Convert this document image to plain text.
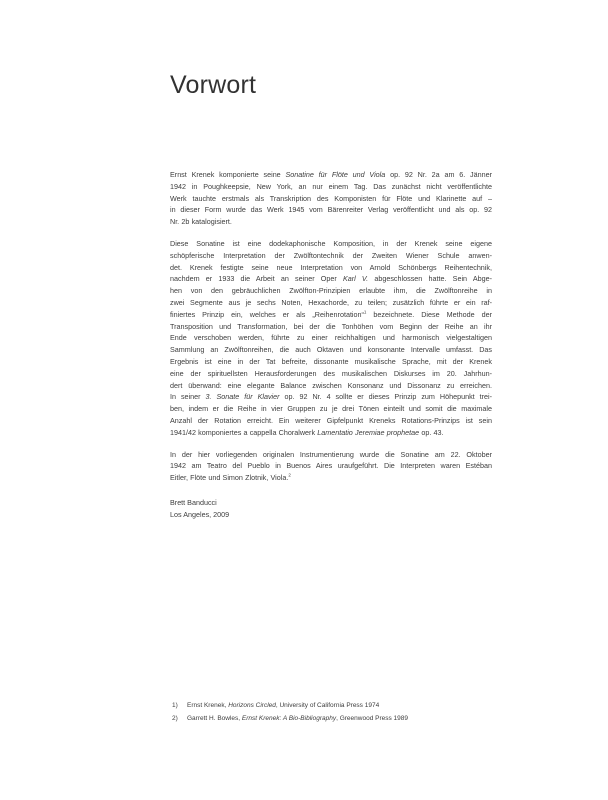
Vorwort

Ernst Krenek komponierte seine Sonatine für Flöte und Viola op. 92 Nr. 2a am 6. Jänner
1942 in Poughkeepsie, New York, an nur einem Tag. Das zunächst nicht veröffentlichte
Werk tauchte erstmals als Transkription des Komponisten für Flöte und Klarinette auf –
in dieser Form wurde das Werk 1945 vom Bärenreiter Verlag veröffentlicht und als op. 92
Nr. 2b katalogisiert.

Diese Sonatine ist eine dodekaphonische Komposition, in der Krenek seine eigene
schöpferische Interpretation der Zwölftontechnik der Zweiten Wiener Schule anwen-
det. Krenek festigte seine neue Interpretation von Arnold Schönbergs Reihentechnik,
nachdem er 1933 die Arbeit an seiner Oper Karl V. abgeschlossen hatte. Sein Abge-
hen von den gebräuchlichen Zwölfton-Prinzipien erlaubte ihm, die Zwölftonreihe in
zwei Segmente aus je sechs Noten, Hexachorde, zu teilen; zusätzlich führte er ein raf-
finiertes Prinzip ein, welches er als „Reihenrotation“$^1$ bezeichnete. Diese Methode der
Transposition und Transformation, bei der die Tonhöhen vom Beginn der Reihe an ihr
Ende verschoben werden, führte zu einer reichhaltigen und harmonisch vielgestaltigen
Sammlung an Zwölftonreihen, die auch Oktaven und konsonante Intervalle umfasst. Das
Ergebnis ist eine in der Tat befreite, dissonante musikalische Sprache, mit der Krenek
eine der spirituellsten Herausforderungen des musikalischen Diskurses im 20. Jahrhun-
dert überwand: eine elegante Balance zwischen Konsonanz und Dissonanz zu erreichen.
In seiner 3. Sonate für Klavier op. 92 Nr. 4 sollte er dieses Prinzip zum Höhepunkt trei-
ben, indem er die Reihe in vier Gruppen zu je drei Tönen einteilt und somit die maximale
Anzahl der Rotation erreicht. Ein weiterer Gipfelpunkt Kreneks Rotations-Prinzips ist sein
1941/42 komponiertes a cappella Choralwerk Lamentatio Jeremiae prophetae op. 43.

In der hier vorliegenden originalen Instrumentierung wurde die Sonatine am 22. Oktober
1942 am Teatro del Pueblo in Buenos Aires uraufgeführt. Die Interpreten waren Estéban
Eitler, Flöte und Simon Zlotnik, Viola.$^2$

Brett Banducci
Los Angeles, 2009
1)	Ernst Krenek, Horizons Circled, University of California Press 1974
2)	Garrett H. Bowles, Ernst Krenek: A Bio-Bibliography, Greenwood Press 1989
